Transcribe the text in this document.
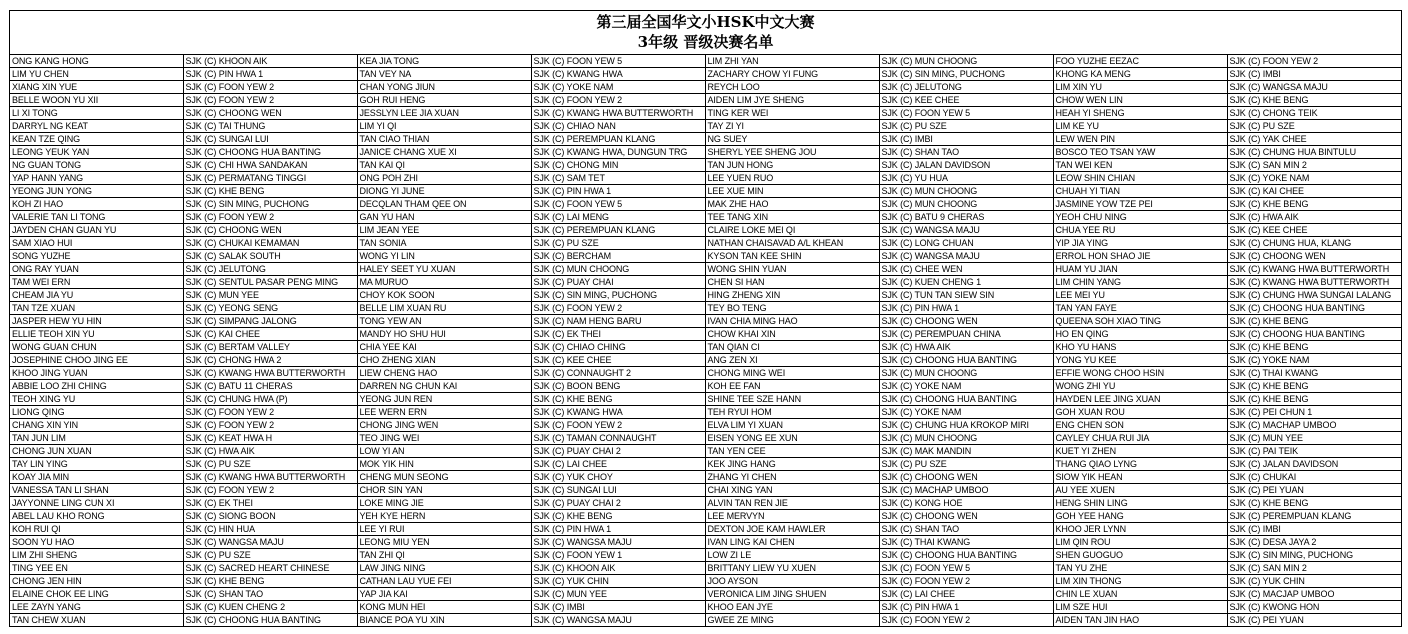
第三届全国华文小HSK中文大赛
3年级 晋级决赛名单
ONG KANG HONG	SJK (C) KHOON AIK	KEA JIA TONG	SJK (C) FOON YEW 5	LIM ZHI YAN	SJK (C) MUN CHOONG	FOO YUZHE EEZAC	SJK (C) FOON YEW 2
LIM YU CHEN	SJK (C) PIN HWA 1	TAN VEY NA	SJK (C) KWANG HWA	ZACHARY CHOW YI FUNG	SJK (C) SIN MING, PUCHONG	KHONG KA MENG	SJK (C) IMBI
XIANG XIN YUE	SJK (C) FOON YEW 2	CHAN YONG JIUN	SJK (C) YOKE NAM	REYCH LOO	SJK (C) JELUTONG	LIM XIN YU	SJK (C) WANGSA MAJU
BELLE WOON YU XII	SJK (C) FOON YEW 2	GOH RUI HENG	SJK (C) FOON YEW 2	AIDEN LIM JYE SHENG	SJK (C) KEE CHEE	CHOW WEN LIN	SJK (C) KHE BENG
LI XI TONG	SJK (C) CHOONG WEN	JESSLYN LEE JIA XUAN	SJK (C) KWANG HWA BUTTERWORTH	TING KER WEI	SJK (C) FOON YEW 5	HEAH YI SHENG	SJK (C) CHONG TEIK
DARRYL NG KEAT	SJK (C) TAI THUNG	LIM YI QI	SJK (C) CHIAO NAN	TAY ZI YI	SJK (C) PU SZE	LIM KE YU	SJK (C) PU SZE
KEAN TZE QING	SJK (C) SUNGAI LUI	TAN CIAO THIAN	SJK (C) PEREMPUAN KLANG	NG SUEY	SJK (C) IMBI	LEW WEN PIN	SJK (C) YAK CHEE
LEONG YEUK YAN	SJK (C) CHOONG HUA BANTING	JANICE CHANG XUE XI	SJK (C) KWANG HWA, DUNGUN TRG	SHERYL YEE SHENG JOU	SJK (C) SHAN TAO	BOSCO TEO TSAN YAW	SJK (C) CHUNG HUA BINTULU
NG GUAN TONG	SJK (C) CHI HWA SANDAKAN	TAN KAI QI	SJK (C) CHONG MIN	TAN JUN HONG	SJK (C) JALAN DAVIDSON	TAN WEI KEN	SJK (C) SAN MIN 2
YAP HANN YANG	SJK (C) PERMATANG TINGGI	ONG POH ZHI	SJK (C) SAM TET	LEE YUEN RUO	SJK (C) YU HUA	LEOW SHIN CHIAN	SJK (C) YOKE NAM
YEONG JUN YONG	SJK (C) KHE BENG	DIONG YI JUNE	SJK (C) PIN HWA 1	LEE XUE MIN	SJK (C) MUN CHOONG	CHUAH YI TIAN	SJK (C) KAI CHEE
KOH ZI HAO	SJK (C) SIN MING, PUCHONG	DECQLAN THAM QEE ON	SJK (C) FOON YEW 5	MAK ZHE HAO	SJK (C) MUN CHOONG	JASMINE YOW TZE PEI	SJK (C) KHE BENG
VALERIE TAN LI TONG	SJK (C) FOON YEW 2	GAN YU HAN	SJK (C) LAI MENG	TEE TANG XIN	SJK (C) BATU 9 CHERAS	YEOH CHU NING	SJK (C) HWA AIK
JAYDEN CHAN GUAN YU	SJK (C) CHOONG WEN	LIM JEAN YEE	SJK (C) PEREMPUAN KLANG	CLAIRE LOKE MEI QI	SJK (C) WANGSA MAJU	CHUA YEE RU	SJK (C) KEE CHEE
SAM XIAO HUI	SJK (C) CHUKAI KEMAMAN	TAN SONIA	SJK (C) PU SZE	NATHAN CHAISAVAD A/L KHEAN	SJK (C) LONG CHUAN	YIP JIA YING	SJK (C) CHUNG HUA, KLANG
SONG YUZHE	SJK (C) SALAK SOUTH	WONG YI LIN	SJK (C) BERCHAM	KYSON TAN KEE SHIN	SJK (C) WANGSA MAJU	ERROL HON SHAO JIE	SJK (C) CHOONG WEN
ONG RAY YUAN	SJK (C) JELUTONG	HALEY SEET YU XUAN	SJK (C) MUN CHOONG	WONG SHIN YUAN	SJK (C) CHEE WEN	HUAM YU JIAN	SJK (C) KWANG HWA BUTTERWORTH
TAM WEI ERN	SJK (C) SENTUL PASAR PENG MING	MA MURUO	SJK (C) PUAY CHAI	CHEN SI HAN	SJK (C) KUEN CHENG 1	LIM CHIN YANG	SJK (C) KWANG HWA BUTTERWORTH
CHEAM JIA YU	SJK (C) MUN YEE	CHOY KOK SOON	SJK (C) SIN MING, PUCHONG	HING ZHENG XIN	SJK (C) TUN TAN SIEW SIN	LEE MEI YU	SJK (C) CHUNG HWA SUNGAI LALANG
TAN TZE XUAN	SJK (C) YEONG SENG	BELLE LIM XUAN RU	SJK (C) FOON YEW 2	TEY BO TENG	SJK (C) PIN HWA 1	TAN YAN FAYE	SJK (C) CHOONG HUA BANTING
JASPER HEW YU HIN	SJK (C) SIMPANG JALONG	TONG YEW AN	SJK (C) NAM HENG BARU	IVAN CHIA MING HAO	SJK (C) CHOONG WEN	QUEENA SOH XIAO TING	SJK (C) KHE BENG
ELLIE TEOH XIN YU	SJK (C) KAI CHEE	MANDY HO SHU HUI	SJK (C) EK THEI	CHOW KHAI XIN	SJK (C) PEREMPUAN CHINA	HO EN QING	SJK (C) CHOONG HUA BANTING
WONG GUAN CHUN	SJK (C) BERTAM VALLEY	CHIA YEE KAI	SJK (C) CHIAO CHING	TAN QIAN CI	SJK (C) HWA AIK	KHO YU HANS	SJK (C) KHE BENG
JOSEPHINE CHOO JING EE	SJK (C) CHONG HWA 2	CHO ZHENG XIAN	SJK (C) KEE CHEE	ANG ZEN XI	SJK (C) CHOONG HUA BANTING	YONG YU KEE	SJK (C) YOKE NAM
KHOO JING YUAN	SJK (C) KWANG HWA BUTTERWORTH	LIEW CHENG HAO	SJK (C) CONNAUGHT 2	CHONG MING WEI	SJK (C) MUN CHOONG	EFFIE WONG CHOO HSIN	SJK (C) THAI KWANG
ABBIE LOO ZHI CHING	SJK (C) BATU 11 CHERAS	DARREN NG CHUN KAI	SJK (C) BOON BENG	KOH EE FAN	SJK (C) YOKE NAM	WONG ZHI YU	SJK (C) KHE BENG
TEOH XING YU	SJK (C) CHUNG HWA (P)	YEONG JUN REN	SJK (C) KHE BENG	SHINE TEE SZE HANN	SJK (C) CHOONG HUA BANTING	HAYDEN LEE JING XUAN	SJK (C) KHE BENG
LIONG QING	SJK (C) FOON YEW 2	LEE WERN ERN	SJK (C) KWANG HWA	TEH RYUI HOM	SJK (C) YOKE NAM	GOH XUAN ROU	SJK (C) PEI CHUN 1
CHANG XIN YIN	SJK (C) FOON YEW 2	CHONG JING WEN	SJK (C) FOON YEW 2	ELVA LIM YI XUAN	SJK (C) CHUNG HUA KROKOP MIRI	ENG CHEN SON	SJK (C) MACHAP UMBOO
TAN JUN LIM	SJK (C) KEAT HWA H	TEO JING WEI	SJK (C) TAMAN CONNAUGHT	EISEN YONG EE XUN	SJK (C) MUN CHOONG	CAYLEY CHUA RUI JIA	SJK (C) MUN YEE
CHONG JUN XUAN	SJK (C) HWA AIK	LOW YI AN	SJK (C) PUAY CHAI 2	TAN YEN CEE	SJK (C) MAK MANDIN	KUET YI ZHEN	SJK (C) PAI TEIK
TAY LIN YING	SJK (C) PU SZE	MOK YIK HIN	SJK (C) LAI CHEE	KEK JING HANG	SJK (C) PU SZE	THANG QIAO LYNG	SJK (C) JALAN DAVIDSON
KOAY JIA MIN	SJK (C) KWANG HWA BUTTERWORTH	CHENG MUN SEONG	SJK (C) YUK CHOY	ZHANG YI CHEN	SJK (C) CHOONG WEN	SIOW YIK HEAN	SJK (C) CHUKAI
VANESSA TAN LI SHAN	SJK (C) FOON YEW 2	CHOR SIN YAN	SJK (C) SUNGAI LUI	CHAI XING YAN	SJK (C) MACHAP UMBOO	AU YEE XUEN	SJK (C) PEI YUAN
JAYYONNE LING CUN XI	SJK (C) EK THEI	LOKE MING JIE	SJK (C) PUAY CHAI 2	ALVIN TAN REN JIE	SJK (C) KONG HOE	HENG SHIN LING	SJK (C) KHE BENG
ABEL LAU KHO RONG	SJK (C) SIONG BOON	YEH KYE HERN	SJK (C) KHE BENG	LEE MERVYN	SJK (C) CHOONG WEN	GOH YEE HANG	SJK (C) PEREMPUAN KLANG
KOH RUI QI	SJK (C) HIN HUA	LEE YI RUI	SJK (C) PIN HWA 1	DEXTON JOE KAM HAWLER	SJK (C) SHAN TAO	KHOO JER LYNN	SJK (C) IMBI
SOON YU HAO	SJK (C) WANGSA MAJU	LEONG MIU YEN	SJK (C) WANGSA MAJU	IVAN LING KAI CHEN	SJK (C) THAI KWANG	LIM QIN ROU	SJK (C) DESA JAYA 2
LIM ZHI SHENG	SJK (C) PU SZE	TAN ZHI QI	SJK (C) FOON YEW 1	LOW ZI LE	SJK (C) CHOONG HUA BANTING	SHEN GUOGUO	SJK (C) SIN MING, PUCHONG
TING YEE EN	SJK (C) SACRED HEART CHINESE	LAW JING NING	SJK (C) KHOON AIK	BRITTANY LIEW YU XUEN	SJK (C) FOON YEW 5	TAN YU ZHE	SJK (C) SAN MIN 2
CHONG JEN HIN	SJK (C) KHE BENG	CATHAN LAU YUE FEI	SJK (C) YUK CHIN	JOO AYSON	SJK (C) FOON YEW 2	LIM XIN THONG	SJK (C) YUK CHIN
ELAINE CHOK EE LING	SJK (C) SHAN TAO	YAP JIA KAI	SJK (C) MUN YEE	VERONICA LIM JING SHUEN	SJK (C) LAI CHEE	CHIN LE XUAN	SJK (C) MACJAP UMBOO
LEE ZAYN YANG	SJK (C) KUEN CHENG 2	KONG MUN HEI	SJK (C) IMBI	KHOO EAN JYE	SJK (C) PIN HWA 1	LIM SZE HUI	SJK (C) KWONG HON
TAN CHEW XUAN	SJK (C) CHOONG HUA BANTING	BIANCE POA YU XIN	SJK (C) WANGSA MAJU	GWEE ZE MING	SJK (C) FOON YEW 2	AIDEN TAN JIN HAO	SJK (C) PEI YUAN
